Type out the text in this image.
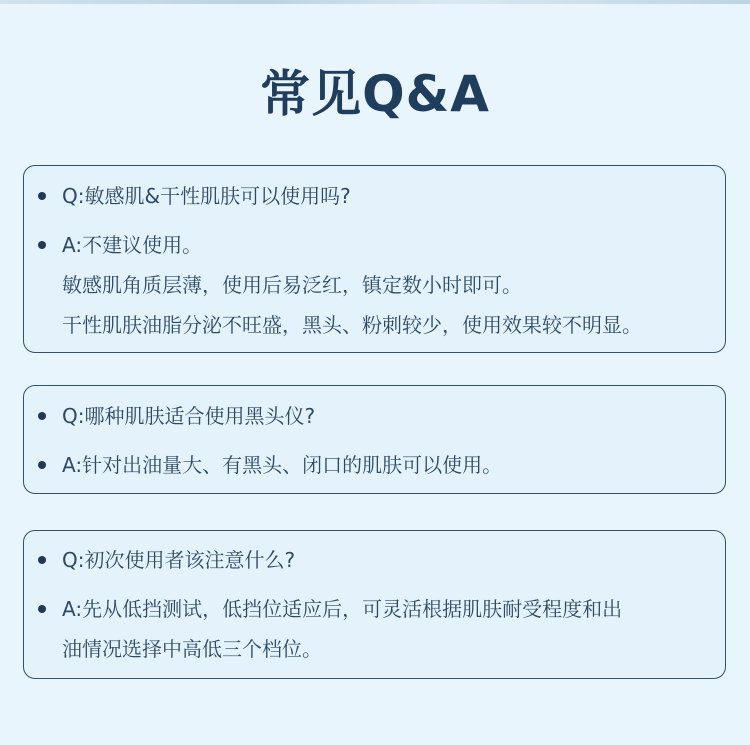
常见Q&A
Q:敏感肌&干性肌肤可以使用吗?
A:不建议使用。
敏感肌角质层薄，使用后易泛红，镇定数小时即可。
干性肌肤油脂分泌不旺盛，黑头、粉刺较少，使用效果较不明显。
Q:哪种肌肤适合使用黑头仪?
A:针对出油量大、有黑头、闭口的肌肤可以使用。
Q:初次使用者该注意什么?
A:先从低挡测试，低挡位适应后，可灵活根据肌肤耐受程度和出
油情况选择中高低三个档位。
